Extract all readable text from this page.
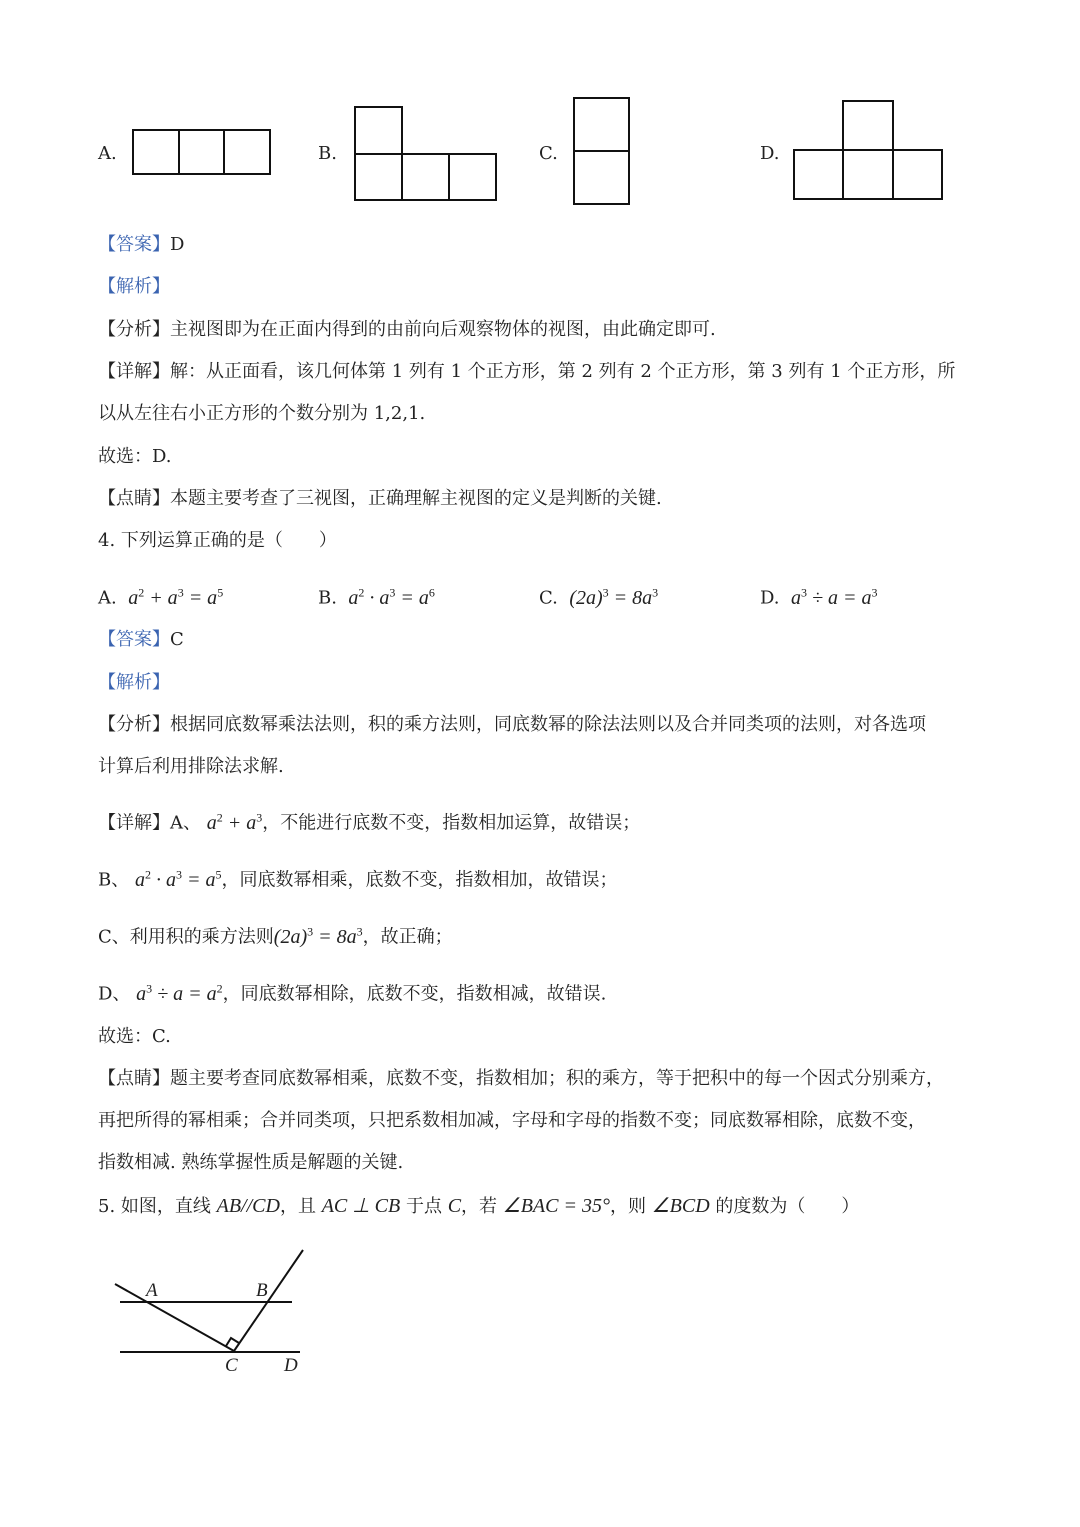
A.	B.	C.	D.
【答案】D
【解析】
【分析】主视图即为在正面内得到的由前向后观察物体的视图，由此确定即可.
【详解】解：从正面看，该几何体第 1 列有 1 个正方形，第 2 列有 2 个正方形，第 3 列有 1 个正方形，所
以从左往右小正方形的个数分别为 1,2,1.
故选：D.
【点睛】本题主要考查了三视图，正确理解主视图的定义是判断的关键.
4. 下列运算正确的是（　　）
A. $a^2 + a^3 = a^5$	B. $a^2 \cdot a^3 = a^6$	C. $(2a)^3 = 8a^3$	D. $a^3 \div a = a^3$
【答案】C
【解析】
【分析】根据同底数幂乘法法则，积的乘方法则，同底数幂的除法法则以及合并同类项的法则，对各选项
计算后利用排除法求解.
【详解】A、 $a^2 + a^3$，不能进行底数不变，指数相加运算，故错误；
B、 $a^2 \cdot a^3 = a^5$，同底数幂相乘，底数不变，指数相加，故错误；
C、利用积的乘方法则$(2a)^3 = 8a^3$，故正确；
D、 $a^3 \div a = a^2$，同底数幂相除，底数不变，指数相减，故错误.
故选：C.
【点睛】题主要考查同底数幂相乘，底数不变，指数相加；积的乘方，等于把积中的每一个因式分别乘方，
再把所得的幂相乘；合并同类项，只把系数相加减，字母和字母的指数不变；同底数幂相除，底数不变，
指数相减. 熟练掌握性质是解题的关键.
5. 如图，直线 AB//CD，且 AC ⊥ CB 于点 C，若 ∠BAC = 35°，则 ∠BCD 的度数为（　　）
A	B
C D
